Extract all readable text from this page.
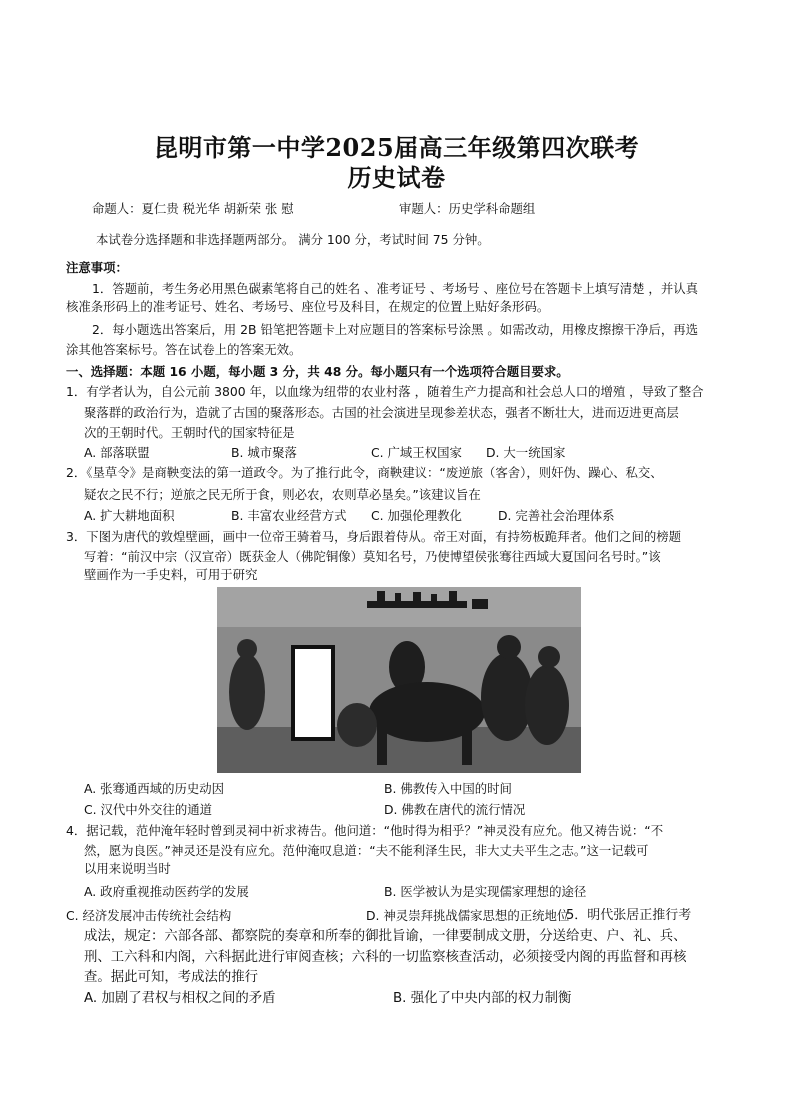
昆明市第一中学2025届高三年级第四次联考
历史试卷
命题人：夏仁贵 税光华 胡新荣 张 慰	审题人：历史学科命题组
本试卷分选择题和非选择题两部分。 满分 100 分，考试时间 75 分钟。
注意事项：
1．答题前，考生务必用黑色碳素笔将自己的姓名 、准考证号 、考场号 、座位号在答题卡上填写清楚 ，并认真
核准条形码上的准考证号、姓名、考场号、座位号及科目，在规定的位置上贴好条形码。
2．每小题选出答案后，用 2B 铅笔把答题卡上对应题目的答案标号涂黑 。如需改动，用橡皮擦擦干净后，再选
涂其他答案标号。答在试卷上的答案无效。
一、选择题：本题 16 小题，每小题 3 分，共 48 分。每小题只有一个选项符合题目要求。
1．有学者认为，自公元前 3800 年，以血缘为纽带的农业村落 ，随着生产力提高和社会总人口的增殖 ，导致了整合
聚落群的政治行为，造就了古国的聚落形态。古国的社会演进呈现参差状态，强者不断壮大，进而迈进更高层
次的王朝时代。王朝时代的国家特征是
A. 部落联盟	B. 城市聚落	C. 广域王权国家 D. 大一统国家
2．《垦草令》是商鞅变法的第一道政令。为了推行此令，商鞅建议：“废逆旅（客舍），则奸伪、躁心、私交、
疑农之民不行；逆旅之民无所于食，则必农，农则草必垦矣。”该建议旨在
A. 扩大耕地面积	B. 丰富农业经营方式 C. 加强伦理教化	D. 完善社会治理体系
3．下图为唐代的敦煌壁画，画中一位帝王骑着马，身后跟着侍从。帝王对面，有持笏板跪拜者。他们之间的榜题
写着：“前汉中宗（汉宣帝）既获金人（佛陀铜像）莫知名号，乃使博望侯张骞往西域大夏国问名号时。”该
壁画作为一手史料，可用于研究
A. 张骞通西域的历史动因	B. 佛教传入中国的时间
C. 汉代中外交往的通道	D. 佛教在唐代的流行情况
4．据记载，范仲淹年轻时曾到灵祠中祈求祷告。他问道：“他时得为相乎？”神灵没有应允。他又祷告说：“不
然，愿为良医。”神灵还是没有应允。范仲淹叹息道：“夫不能利泽生民，非大丈夫平生之志。”这一记载可
以用来说明当时
A. 政府重视推动医药学的发展	B. 医学被认为是实现儒家理想的途径
C. 经济发展冲击传统社会结构	D. 神灵崇拜挑战儒家思想的正统地位
5．明代张居正推行考
成法，规定：六部各部、都察院的奏章和所奉的御批旨谕，一律要制成文册，分送给吏、户、礼、兵、
刑、工六科和内阁，六科据此进行审阅查核；六科的一切监察核查活动，必须接受内阁的再监督和再核
查。据此可知，考成法的推行
A. 加剧了君权与相权之间的矛盾	B. 强化了中央内部的权力制衡
